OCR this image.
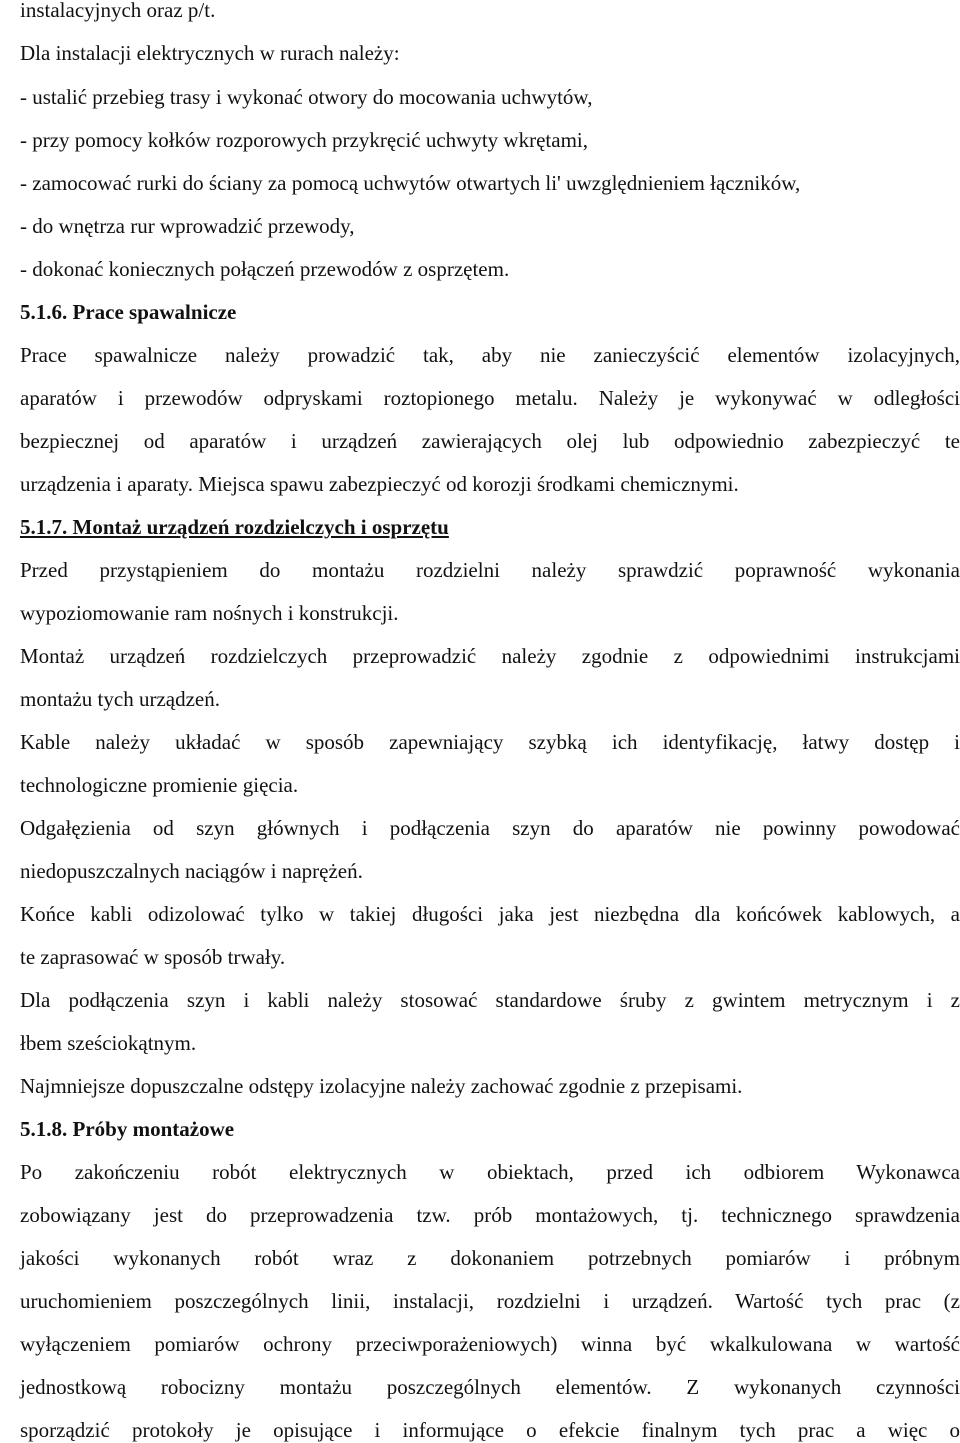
instalacyjnych oraz p/t.
Dla instalacji elektrycznych w rurach należy:
- ustalić przebieg trasy i wykonać otwory do mocowania uchwytów,
- przy pomocy kołków rozporowych przykręcić uchwyty wkrętami,
- zamocować rurki do ściany za pomocą uchwytów otwartych li' uwzględnieniem łączników,
- do wnętrza rur wprowadzić przewody,
- dokonać koniecznych połączeń przewodów z osprzętem.
5.1.6. Prace spawalnicze
Prace spawalnicze należy prowadzić tak, aby nie zanieczyścić elementów izolacyjnych,
aparatów i przewodów odpryskami roztopionego metalu. Należy je wykonywać w odległości
bezpiecznej od aparatów i urządzeń zawierających olej lub odpowiednio zabezpieczyć te
urządzenia i aparaty. Miejsca spawu zabezpieczyć od korozji środkami chemicznymi.
5.1.7. Montaż urządzeń rozdzielczych i osprzętu
Przed przystąpieniem do montażu rozdzielni należy sprawdzić poprawność wykonania
wypoziomowanie ram nośnych i konstrukcji.
Montaż urządzeń rozdzielczych przeprowadzić należy zgodnie z odpowiednimi instrukcjami
montażu tych urządzeń.
Kable należy układać w sposób zapewniający szybką ich identyfikację, łatwy dostęp i
technologiczne promienie gięcia.
Odgałęzienia od szyn głównych i podłączenia szyn do aparatów nie powinny powodować
niedopuszczalnych naciągów i naprężeń.
Końce kabli odizolować tylko w takiej długości jaka jest niezbędna dla końcówek kablowych, a
te zaprasować w sposób trwały.
Dla podłączenia szyn i kabli należy stosować standardowe śruby z gwintem metrycznym i z
łbem sześciokątnym.
Najmniejsze dopuszczalne odstępy izolacyjne należy zachować zgodnie z przepisami.
5.1.8. Próby montażowe
Po zakończeniu robót elektrycznych w obiektach, przed ich odbiorem Wykonawca
zobowiązany jest do przeprowadzenia tzw. prób montażowych, tj. technicznego sprawdzenia
jakości wykonanych robót wraz z dokonaniem potrzebnych pomiarów i próbnym
uruchomieniem poszczególnych linii, instalacji, rozdzielni i urządzeń. Wartość tych prac (z
wyłączeniem pomiarów ochrony przeciwporażeniowych) winna być wkalkulowana w wartość
jednostkową robocizny montażu poszczególnych elementów. Z wykonanych czynności
sporządzić protokoły je opisujące i informujące o efekcie finalnym tych prac a więc o
